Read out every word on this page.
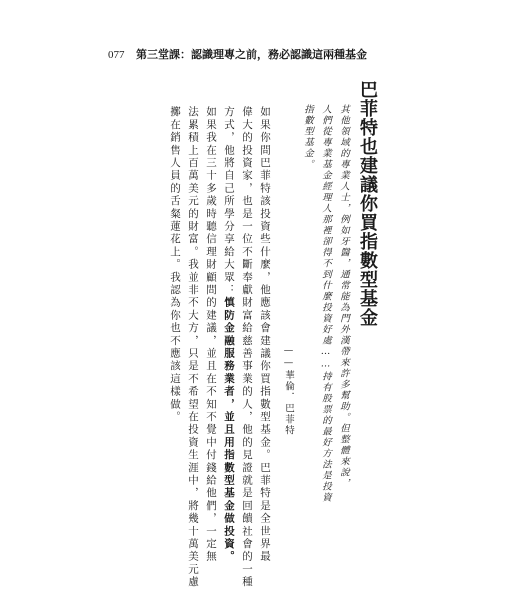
077 第三堂課：認識理專之前，務必認識這兩種基金
巴菲特也建議你買指數型基金
其他領域的專業人士，例如牙醫，通常能為門外漢帶來許多幫助。但整體來說，
人們從專業基金經理人那裡卻得不到什麼投資好處……持有股票的最好方法是投資
指數型基金。
——華倫．巴菲特
如果你問巴菲特該投資些什麼，他應該會建議你買指數型基金。巴菲特是全世界最
偉大的投資家，也是一位不斷奉獻財富給慈善事業的人，他的見證就是回饋社會的一種
方式，他將自己所學分享給大眾：慎防金融服務業者，並且用指數型基金做投資。
如果我在三十多歲時聽信理財顧問的建議，並且在不知不覺中付錢給他們，一定無
法累積上百萬美元的財富。我並非不大方，只是不希望在投資生涯中，將幾十萬美元慮
擲在銷售人員的舌粲蓮花上。我認為你也不應該這樣做。
